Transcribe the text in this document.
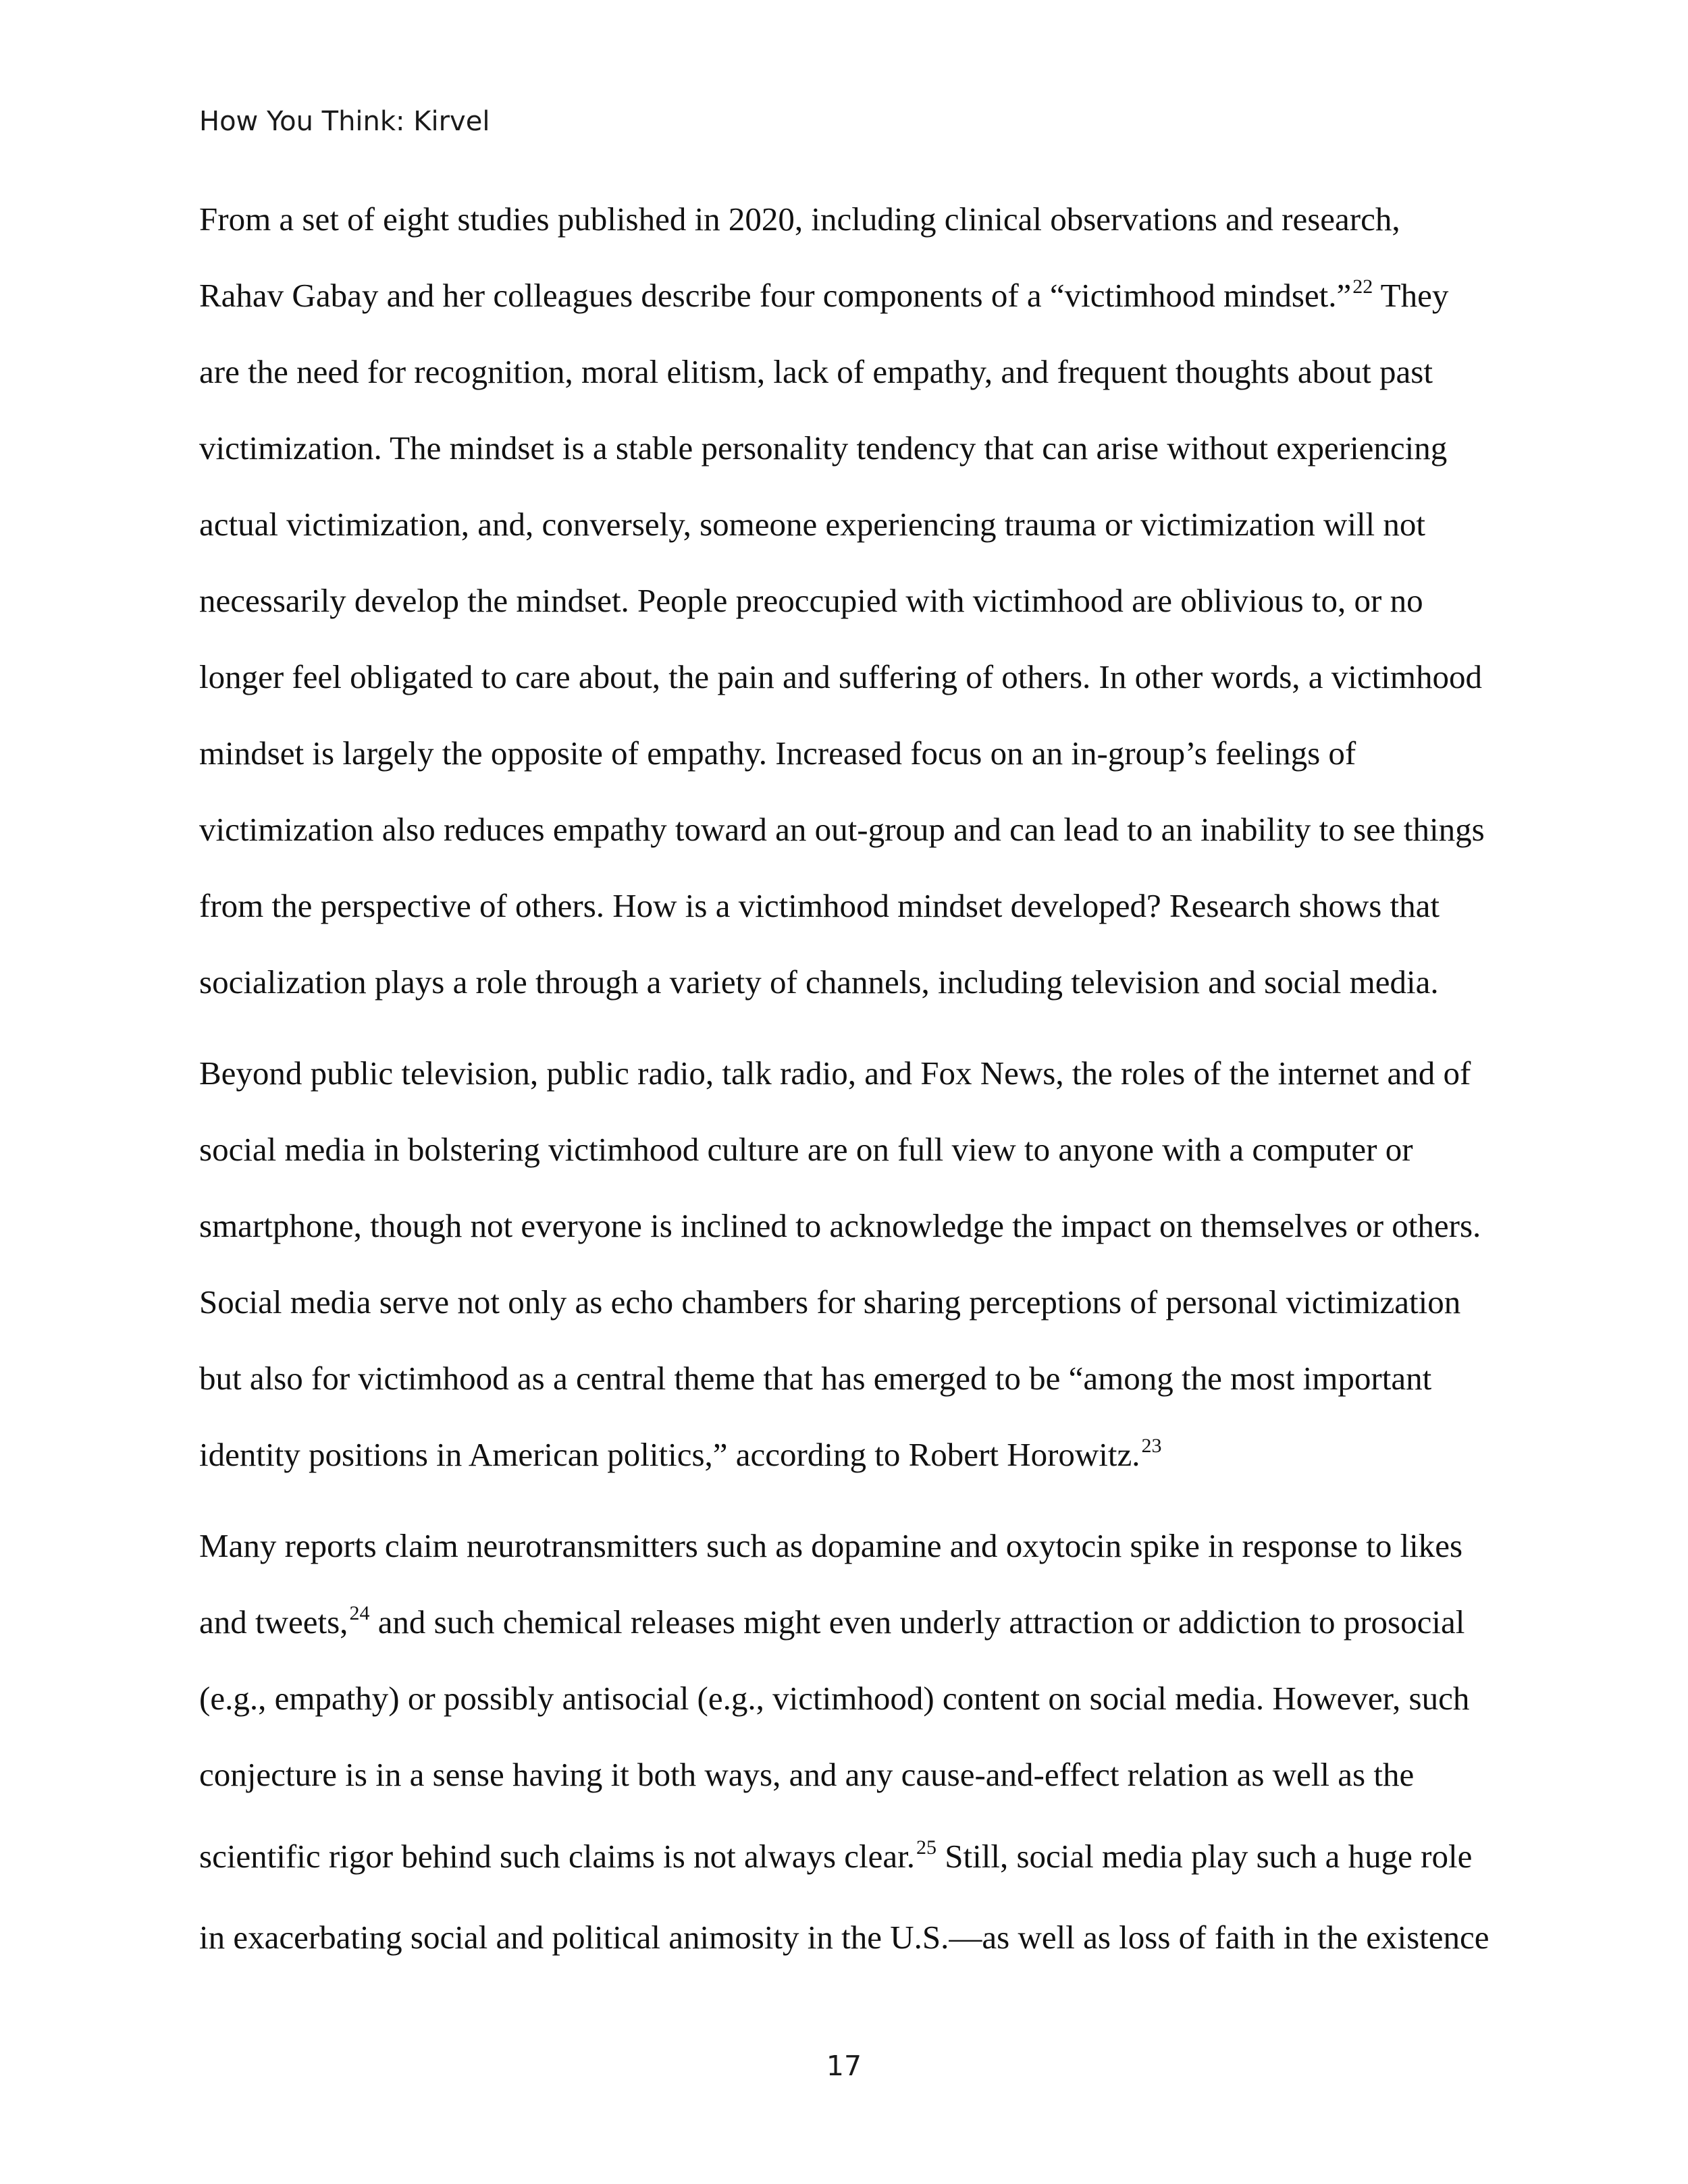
How You Think: Kirvel
From a set of eight studies published in 2020, including clinical observations and research,
Rahav Gabay and her colleagues describe four components of a “victimhood mindset.”$^{22}$ They
are the need for recognition, moral elitism, lack of empathy, and frequent thoughts about past
victimization. The mindset is a stable personality tendency that can arise without experiencing
actual victimization, and, conversely, someone experiencing trauma or victimization will not
necessarily develop the mindset. People preoccupied with victimhood are oblivious to, or no
longer feel obligated to care about, the pain and suffering of others. In other words, a victimhood
mindset is largely the opposite of empathy. Increased focus on an in-group’s feelings of
victimization also reduces empathy toward an out-group and can lead to an inability to see things
from the perspective of others. How is a victimhood mindset developed? Research shows that
socialization plays a role through a variety of channels, including television and social media.
Beyond public television, public radio, talk radio, and Fox News, the roles of the internet and of
social media in bolstering victimhood culture are on full view to anyone with a computer or
smartphone, though not everyone is inclined to acknowledge the impact on themselves or others.
Social media serve not only as echo chambers for sharing perceptions of personal victimization
but also for victimhood as a central theme that has emerged to be “among the most important
identity positions in American politics,” according to Robert Horowitz.$^{23}$
Many reports claim neurotransmitters such as dopamine and oxytocin spike in response to likes
and tweets,$^{24}$ and such chemical releases might even underly attraction or addiction to prosocial
(e.g., empathy) or possibly antisocial (e.g., victimhood) content on social media. However, such
conjecture is in a sense having it both ways, and any cause-and-effect relation as well as the
scientific rigor behind such claims is not always clear.$^{25}$ Still, social media play such a huge role
in exacerbating social and political animosity in the U.S.—as well as loss of faith in the existence
17
